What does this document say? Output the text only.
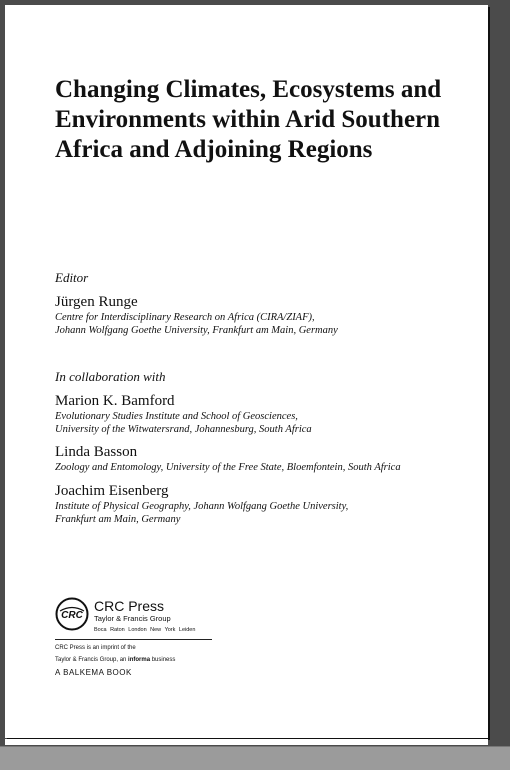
Changing Climates, Ecosystems and
Environments within Arid Southern
Africa and Adjoining Regions
Editor
Jürgen Runge
Centre for Interdisciplinary Research on Africa (CIRA/ZIAF),
Johann Wolfgang Goethe University, Frankfurt am Main, Germany
In collaboration with
Marion K. Bamford
Evolutionary Studies Institute and School of Geosciences,
University of the Witwatersrand, Johannesburg, South Africa
Linda Basson
Zoology and Entomology, University of the Free State, Bloemfontein, South Africa
Joachim Eisenberg
Institute of Physical Geography, Johann Wolfgang Goethe University,
Frankfurt am Main, Germany
CRC
CRC Press
Taylor & Francis Group
Boca Raton London New York Leiden
CRC Press is an imprint of the
Taylor & Francis Group, an informa business
A BALKEMA BOOK
